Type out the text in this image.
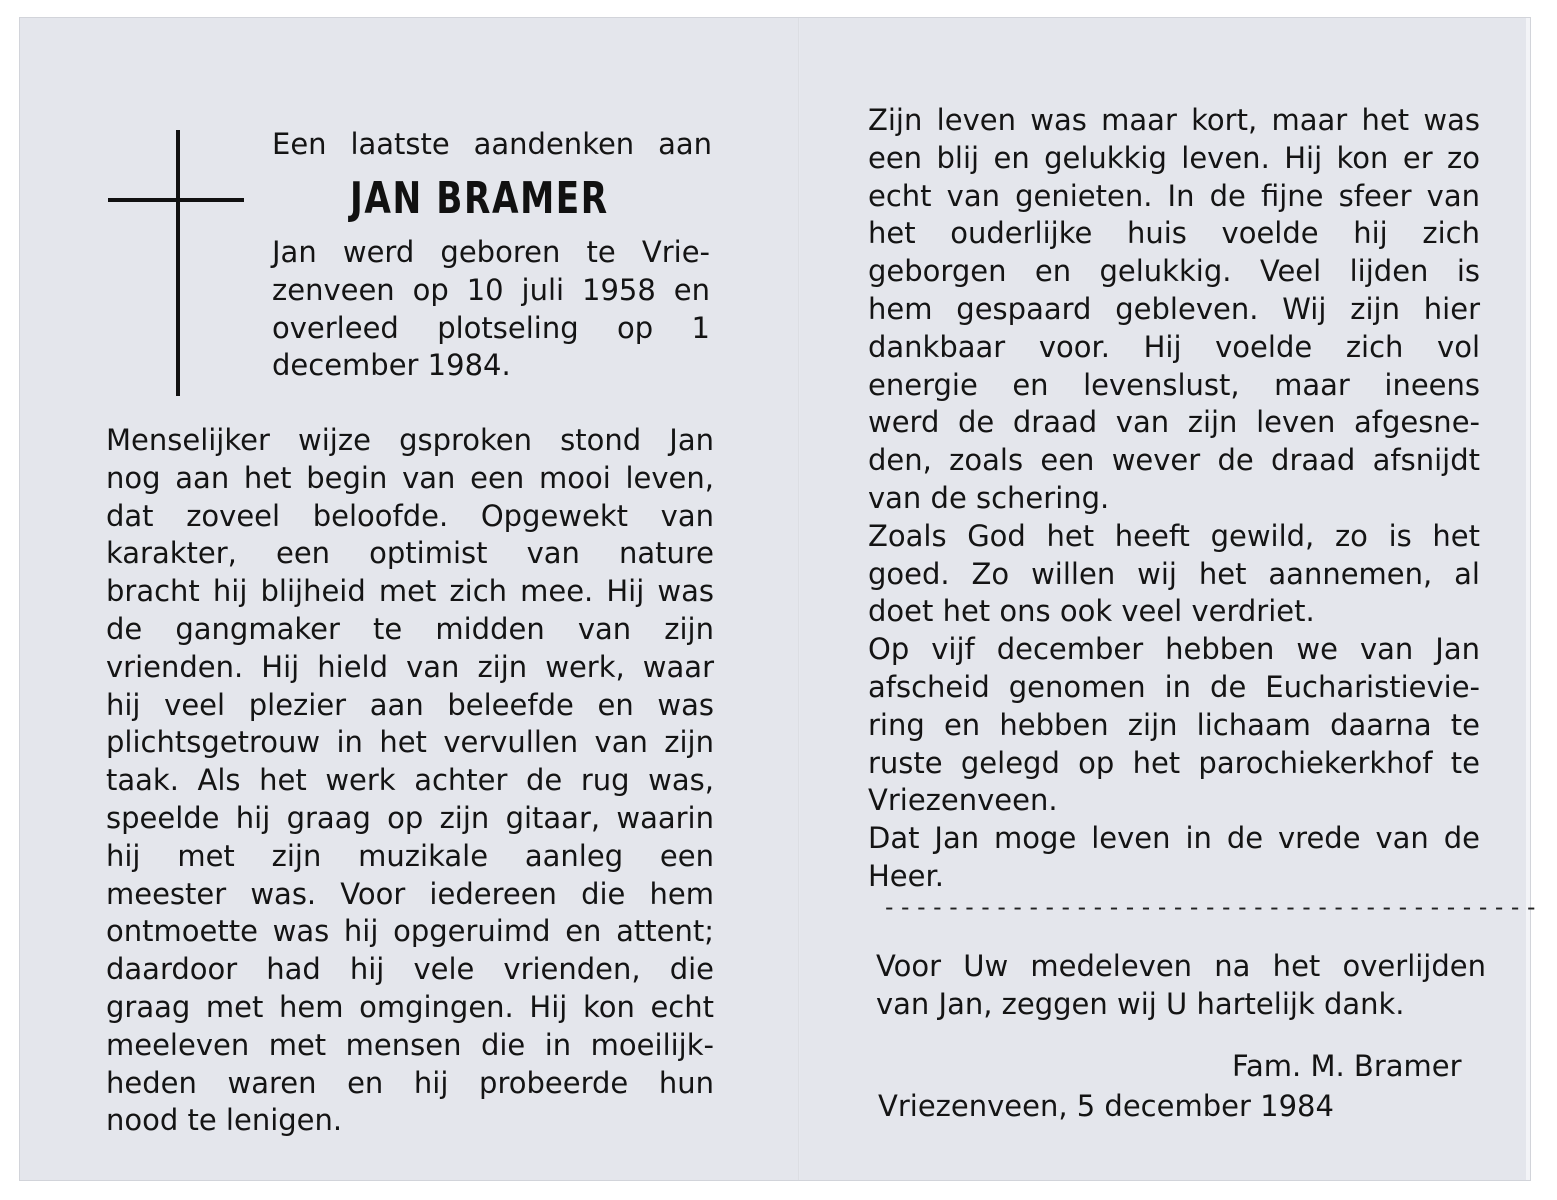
Een laatste aandenken aan

JAN BRAMER

Jan werd geboren te Vrie-
zenveen op 10 juli 1958 en
overleed plotseling op 1
december 1984.
Menselijker wijze gsproken stond Jan
nog aan het begin van een mooi leven,
dat zoveel beloofde. Opgewekt van
karakter, een optimist van nature
bracht hij blijheid met zich mee. Hij was
de gangmaker te midden van zijn
vrienden. Hij hield van zijn werk, waar
hij veel plezier aan beleefde en was
plichtsgetrouw in het vervullen van zijn
taak. Als het werk achter de rug was,
speelde hij graag op zijn gitaar, waarin
hij met zijn muzikale aanleg een
meester was. Voor iedereen die hem
ontmoette was hij opgeruimd en attent;
daardoor had hij vele vrienden, die
graag met hem omgingen. Hij kon echt
meeleven met mensen die in moeilijk-
heden waren en hij probeerde hun
nood te lenigen.
Zijn leven was maar kort, maar het was
een blij en gelukkig leven. Hij kon er zo
echt van genieten. In de fijne sfeer van
het ouderlijke huis voelde hij zich
geborgen en gelukkig. Veel lijden is
hem gespaard gebleven. Wij zijn hier
dankbaar voor. Hij voelde zich vol
energie en levenslust, maar ineens
werd de draad van zijn leven afgesne-
den, zoals een wever de draad afsnijdt
van de schering.
Zoals God het heeft gewild, zo is het
goed. Zo willen wij het aannemen, al
doet het ons ook veel verdriet.
Op vijf december hebben we van Jan
afscheid genomen in de Eucharistievie-
ring en hebben zijn lichaam daarna te
ruste gelegd op het parochiekerkhof te
Vriezenveen.
Dat Jan moge leven in de vrede van de
Heer.

-----------------------------------------

Voor Uw medeleven na het overlijden
van Jan, zeggen wij U hartelijk dank.

Fam. M. Bramer

Vriezenveen, 5 december 1984
